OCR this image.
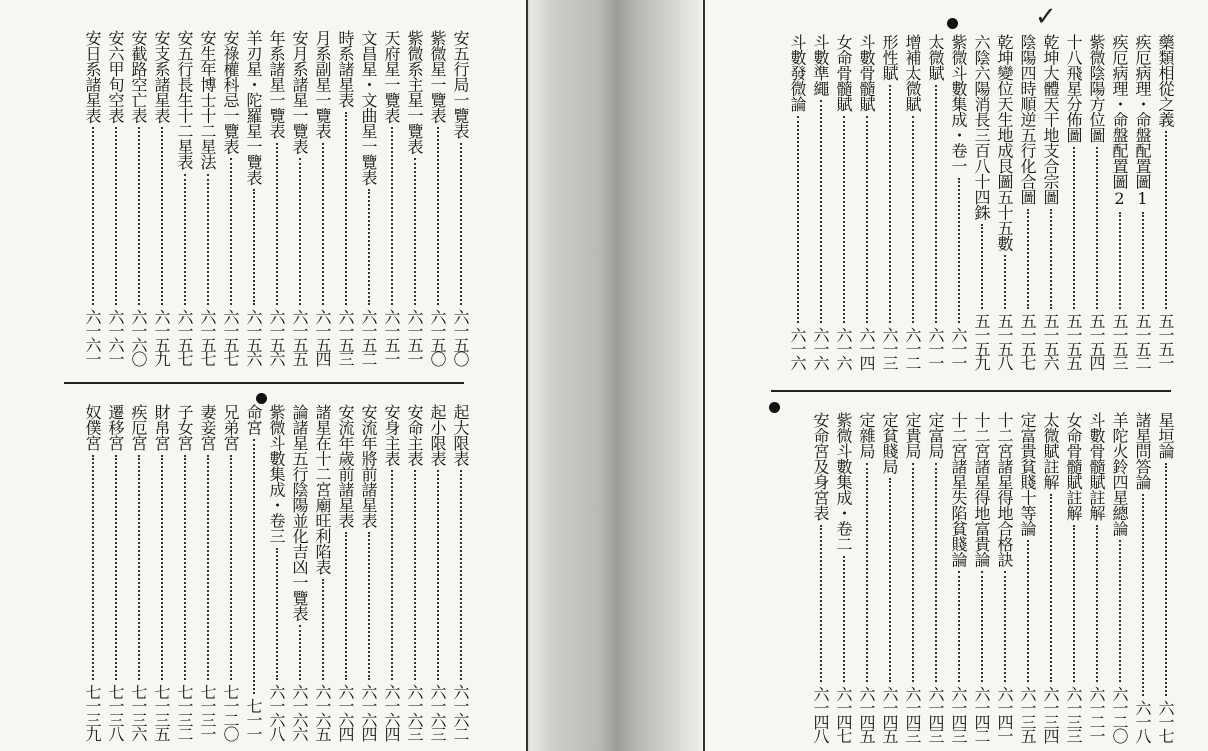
安五行局一覽表
六一五〇
紫微星一覽表
六一五〇
紫微系主星一覽表
六一五一
天府星一覽表
六一五一
文昌星・文曲星一覽表
六一五二
時系諸星表
六一五三
月系副星一覽表
六一五四
安月系諸星一覽表
六一五五
年系諸星一覽表
六一五六
羊刃星・陀羅星一覽表
六一五六
安祿權科忌一覽表
六一五七
安生年博士十二星法
六一五七
安五行長生十二星表
六一五七
安支系諸星表
六一五九
安截路空亡表
六一六〇
安六甲旬空表
六一六一
安日系諸星表
六一六一
起大限表
六一六二
起小限表
六一六三
安命主表
六一六三
安身主表
六一六四
安流年將前諸星表
六一六四
安流年歲前諸星表
六一六四
諸星在十二宮廟旺利陷表
六一六五
論諸星五行陰陽並化吉凶一覽表
六一六六
紫微斗數集成・卷三
六一六八
命宮
七一一
兄弟宮
七一二〇
妻妾宮
七一三一
子女宮
七一三二
財帛宮
七一三五
疾厄宮
七一三六
遷移宮
七一三八
奴僕宮
七一三九
✓
藥類相從之義
五一五一
疾厄病理・命盤配置圖1
五一五二
疾厄病理・命盤配置圖2
五一五三
紫微陰陽方位圖
五一五四
十八飛星分佈圖
五一五五
乾坤大體天干地支合宗圖
五一五六
陰陽四時順逆五行化合圖
五一五七
乾坤變位天生地成艮圖五十五數
五一五八
六陰六陽消長三百八十四銖
五一五九
紫微斗數集成・卷一
六一一
太微賦
六一一
增補太微賦
六一二
形性賦
六一三
斗數骨髓賦
六一四
女命骨髓賦
六一六
斗數準繩
六一六
斗數發微論
六一六
星垣論
六一七
諸星問答論
六一八
羊陀火鈴四星總論
六一二〇
斗數骨髓賦註解
六一二一
女命骨髓賦註解
六一三三
太微賦註解
六一三四
定富貴貧賤十等論
六一三五
十二宮諸星得地合格訣
六一四一
十二宮諸星得地富貴論
六一四二
十二宮諸星失陷貧賤論
六一四三
定富局
六一四三
定貴局
六一四三
定貧賤局
六一四五
定雜局
六一四五
紫微斗數集成・卷二
六一四七
安命宮及身宮表
六一四八
